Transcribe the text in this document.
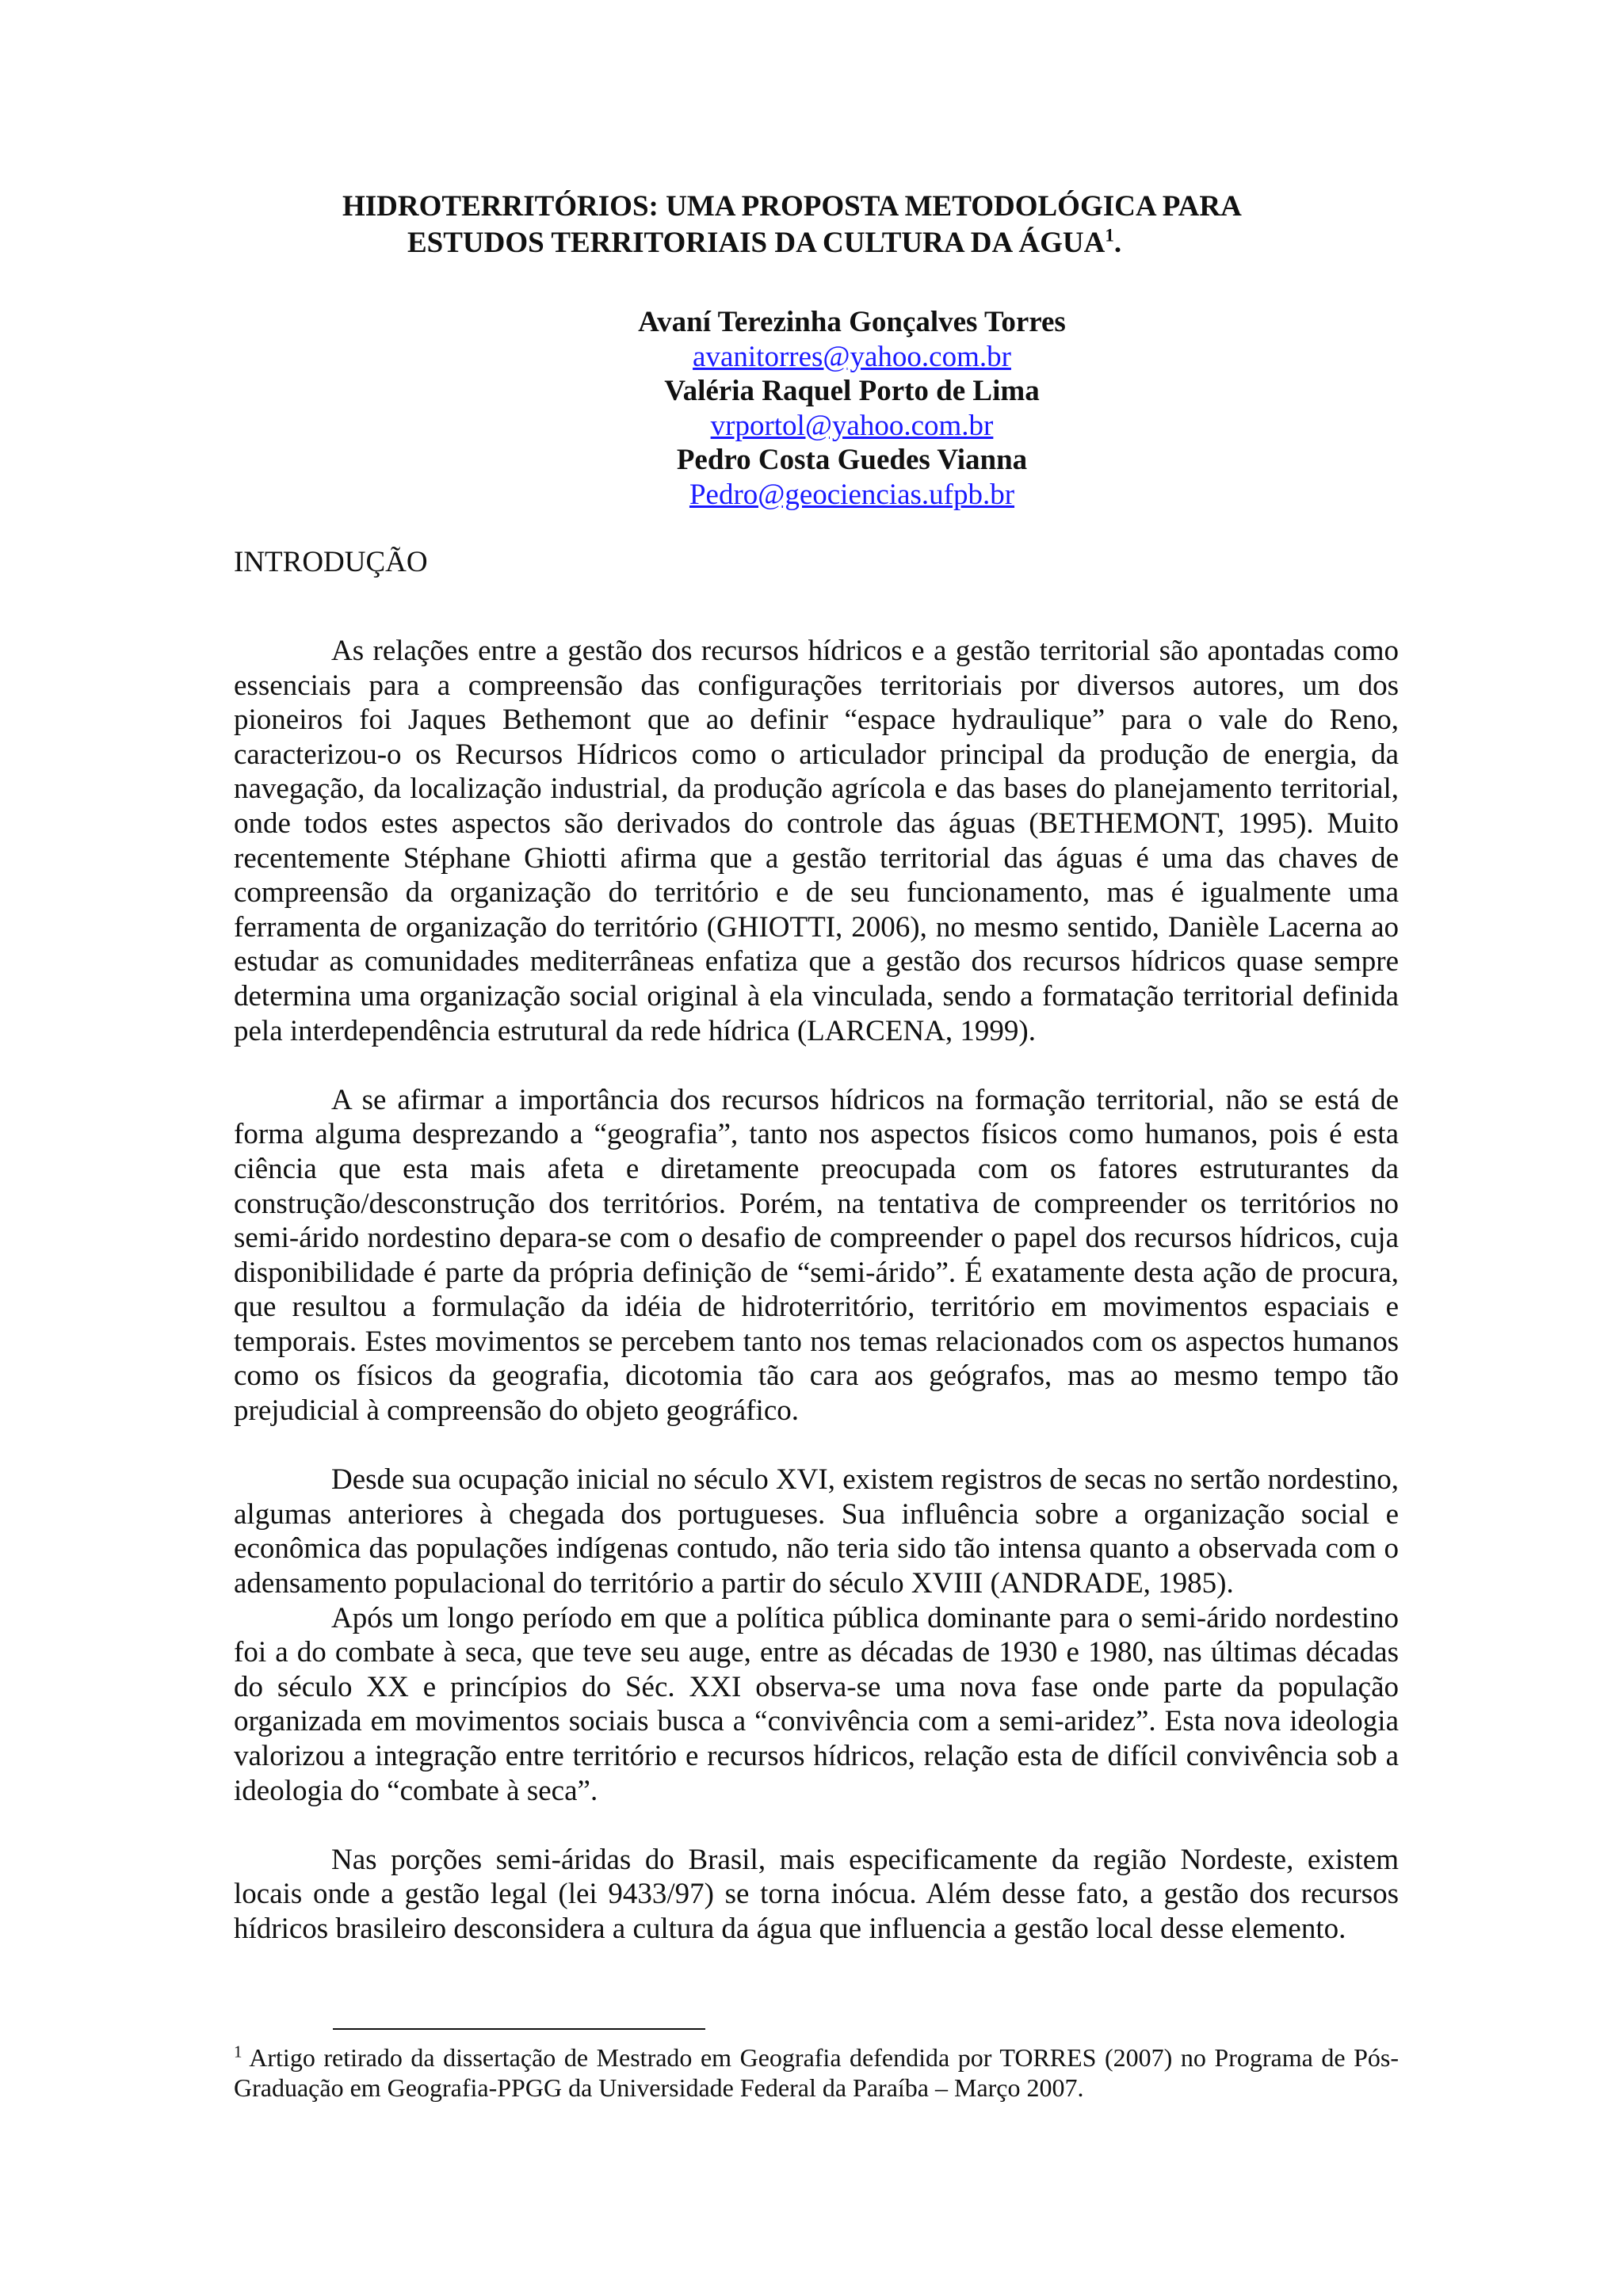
HIDROTERRITÓRIOS: UMA PROPOSTA METODOLÓGICA PARA
ESTUDOS TERRITORIAIS DA CULTURA DA ÁGUA$^1$.
Avaní Terezinha Gonçalves Torres
avanitorres@yahoo.com.br
Valéria Raquel Porto de Lima
vrportol@yahoo.com.br
Pedro Costa Guedes Vianna
Pedro@geociencias.ufpb.br
INTRODUÇÃO

As relações entre a gestão dos recursos hídricos e a gestão territorial são apontadas como essenciais para a compreensão das configurações territoriais por diversos autores, um dos pioneiros foi Jaques Bethemont que ao definir “espace hydraulique” para o vale do Reno, caracterizou-o os Recursos Hídricos como o articulador principal da produção de energia, da navegação, da localização industrial, da produção agrícola e das bases do planejamento territorial, onde todos estes aspectos são derivados do controle das águas (BETHEMONT, 1995). Muito recentemente Stéphane Ghiotti afirma que a gestão territorial das águas é uma das chaves de compreensão da organização do território e de seu funcionamento, mas é igualmente uma ferramenta de organização do território (GHIOTTI, 2006), no mesmo sentido, Danièle Lacerna ao estudar as comunidades mediterrâneas enfatiza que a gestão dos recursos hídricos quase sempre determina uma organização social original à ela vinculada, sendo a formatação territorial definida pela interdependência estrutural da rede hídrica (LARCENA, 1999).

A se afirmar a importância dos recursos hídricos na formação territorial, não se está de forma alguma desprezando a “geografia”, tanto nos aspectos físicos como humanos, pois é esta ciência que esta mais afeta e diretamente preocupada com os fatores estruturantes da construção/desconstrução dos territórios. Porém, na tentativa de compreender os territórios no semi-árido nordestino depara-se com o desafio de compreender o papel dos recursos hídricos, cuja disponibilidade é parte da própria definição de “semi-árido”. É exatamente desta ação de procura, que resultou a formulação da idéia de hidroterritório, território em movimentos espaciais e temporais. Estes movimentos se percebem tanto nos temas relacionados com os aspectos humanos como os físicos da geografia, dicotomia tão cara aos geógrafos, mas ao mesmo tempo tão prejudicial à compreensão do objeto geográfico.

Desde sua ocupação inicial no século XVI, existem registros de secas no sertão nordestino, algumas anteriores à chegada dos portugueses. Sua influência sobre a organização social e econômica das populações indígenas contudo, não teria sido tão intensa quanto a observada com o adensamento populacional do território a partir do século XVIII (ANDRADE, 1985).

Após um longo período em que a política pública dominante para o semi-árido nordestino foi a do combate à seca, que teve seu auge, entre as décadas de 1930 e 1980, nas últimas décadas do século XX e princípios do Séc. XXI observa-se uma nova fase onde parte da população organizada em movimentos sociais busca a “convivência com a semi-aridez”. Esta nova ideologia valorizou a integração entre território e recursos hídricos, relação esta de difícil convivência sob a ideologia do “combate à seca”.

Nas porções semi-áridas do Brasil, mais especificamente da região Nordeste, existem locais onde a gestão legal (lei 9433/97) se torna inócua. Além desse fato, a gestão dos recursos hídricos brasileiro desconsidera a cultura da água que influencia a gestão local desse elemento.

$^1$ Artigo retirado da dissertação de Mestrado em Geografia defendida por TORRES (2007) no Programa de Pós-Graduação em Geografia-PPGG da Universidade Federal da Paraíba – Março 2007.
